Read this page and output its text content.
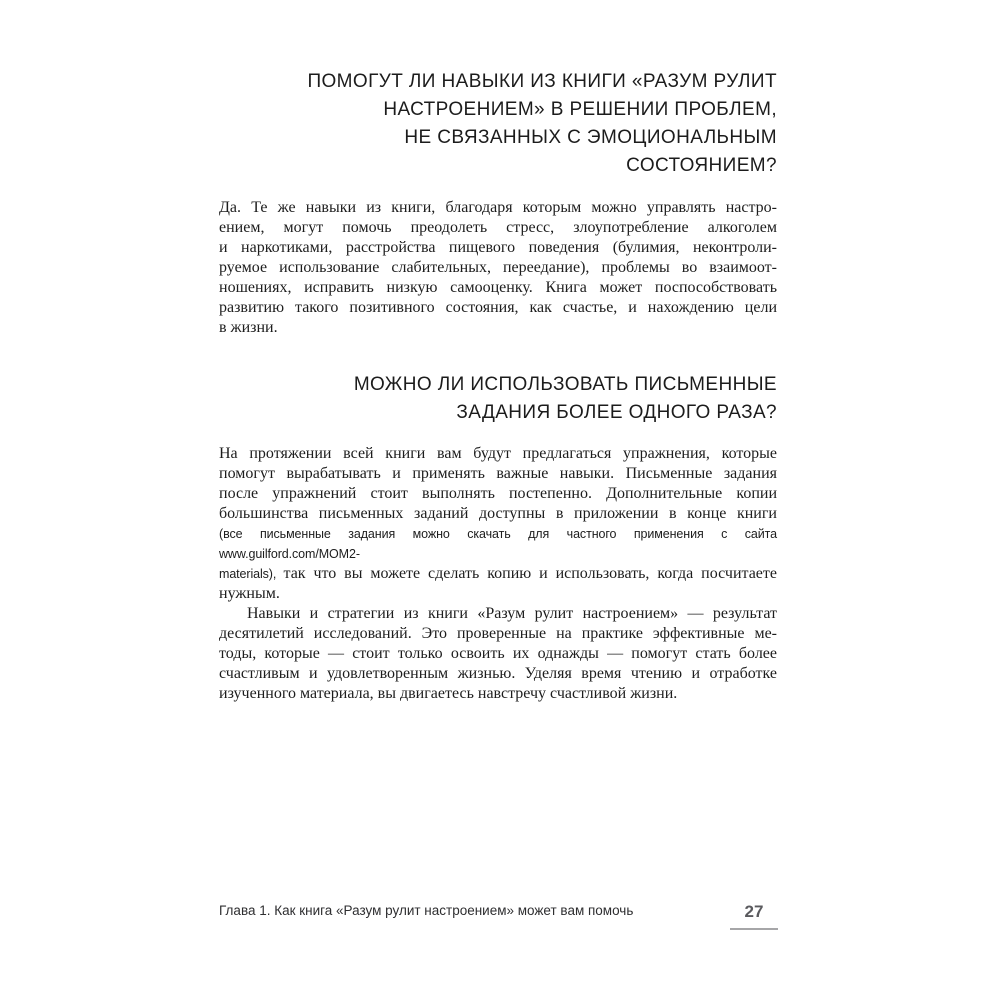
ПОМОГУТ ЛИ НАВЫКИ ИЗ КНИГИ «РАЗУМ РУЛИТ
НАСТРОЕНИЕМ» В РЕШЕНИИ ПРОБЛЕМ,
НЕ СВЯЗАННЫХ С ЭМОЦИОНАЛЬНЫМ
СОСТОЯНИЕМ?
Да. Те же навыки из книги, благодаря которым можно управлять настро-
ением, могут помочь преодолеть стресс, злоупотребление алкоголем
и наркотиками, расстройства пищевого поведения (булимия, неконтроли-
руемое использование слабительных, переедание), проблемы во взаимоот-
ношениях, исправить низкую самооценку. Книга может поспособствовать
развитию такого позитивного состояния, как счастье, и нахождению цели
в жизни.
МОЖНО ЛИ ИСПОЛЬЗОВАТЬ ПИСЬМЕННЫЕ
ЗАДАНИЯ БОЛЕЕ ОДНОГО РАЗА?
На протяжении всей книги вам будут предлагаться упражнения, которые
помогут вырабатывать и применять важные навыки. Письменные задания
после упражнений стоит выполнять постепенно. Дополнительные копии
большинства письменных заданий доступны в приложении в конце книги
(все письменные задания можно скачать для частного применения с сайта www.guilford.com/MOM2-
materials), так что вы можете сделать копию и использовать, когда посчитаете
нужным.
Навыки и стратегии из книги «Разум рулит настроением» — результат
десятилетий исследований. Это проверенные на практике эффективные ме-
тоды, которые — стоит только освоить их однажды — помогут стать более
счастливым и удовлетворенным жизнью. Уделяя время чтению и отработке
изученного материала, вы двигаетесь навстречу счастливой жизни.
Глава 1. Как книга «Разум рулит настроением» может вам помочь	27
